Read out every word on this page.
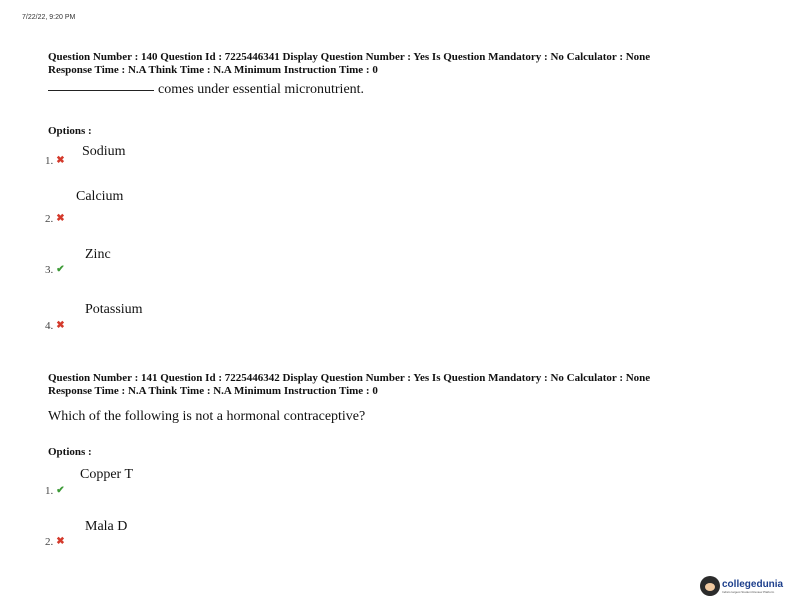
7/22/22, 9:20 PM
Question Number : 140 Question Id : 7225446341 Display Question Number : Yes Is Question Mandatory : No Calculator : None
Response Time : N.A Think Time : N.A Minimum Instruction Time : 0
comes under essential micronutrient.
Options :
Sodium
1. ✖
Calcium
2. ✖
Zinc
3. ✔
Potassium
4. ✖
Question Number : 141 Question Id : 7225446342 Display Question Number : Yes Is Question Mandatory : No Calculator : None
Response Time : N.A Think Time : N.A Minimum Instruction Time : 0
Which of the following is not a hormonal contraceptive?
Options :
Copper T
1. ✔
Mala D
2. ✖
collegedunia
India's largest Student Review Platform
